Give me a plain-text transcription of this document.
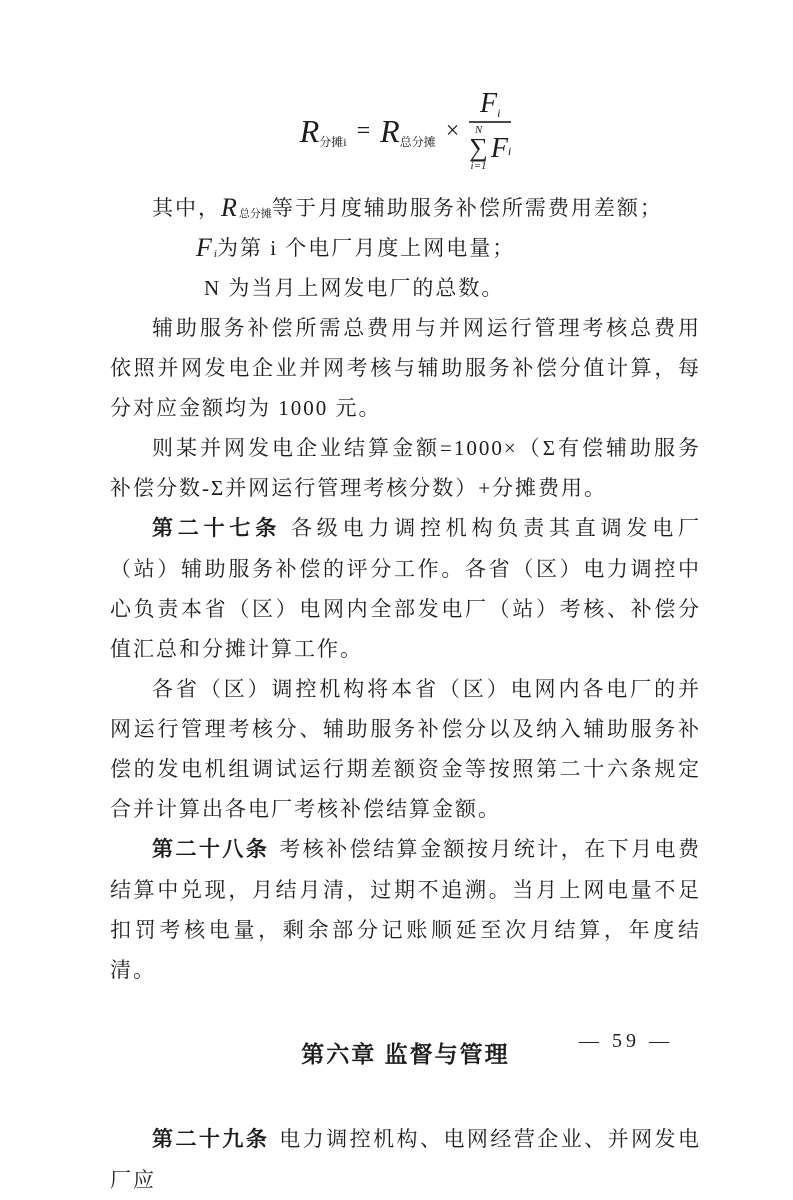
R 分摊i = R 总分摊 × F i
N
∑
i=1
F i
其中， R 总分摊 等于月度辅助服务补偿所需费用差额；
F i 为第 i 个电厂月度上网电量；
N 为当月上网发电厂的总数。

辅助服务补偿所需总费用与并网运行管理考核总费用依照并网发电企业并网考核与辅助服务补偿分值计算，每分对应金额均为 1000 元。

则某并网发电企业结算金额=1000×（Σ有偿辅助服务补偿分数-Σ并网运行管理考核分数）+分摊费用。

第二十七条 各级电力调控机构负责其直调发电厂（站）辅助服务补偿的评分工作。各省（区）电力调控中心负责本省（区）电网内全部发电厂（站）考核、补偿分值汇总和分摊计算工作。

各省（区）调控机构将本省（区）电网内各电厂的并网运行管理考核分、辅助服务补偿分以及纳入辅助服务补偿的发电机组调试运行期差额资金等按照第二十六条规定合并计算出各电厂考核补偿结算金额。

第二十八条 考核补偿结算金额按月统计，在下月电费结算中兑现，月结月清，过期不追溯。当月上网电量不足扣罚考核电量，剩余部分记账顺延至次月结算，年度结清。

第六章 监督与管理

第二十九条 电力调控机构、电网经营企业、并网发电厂应

— 59 —
